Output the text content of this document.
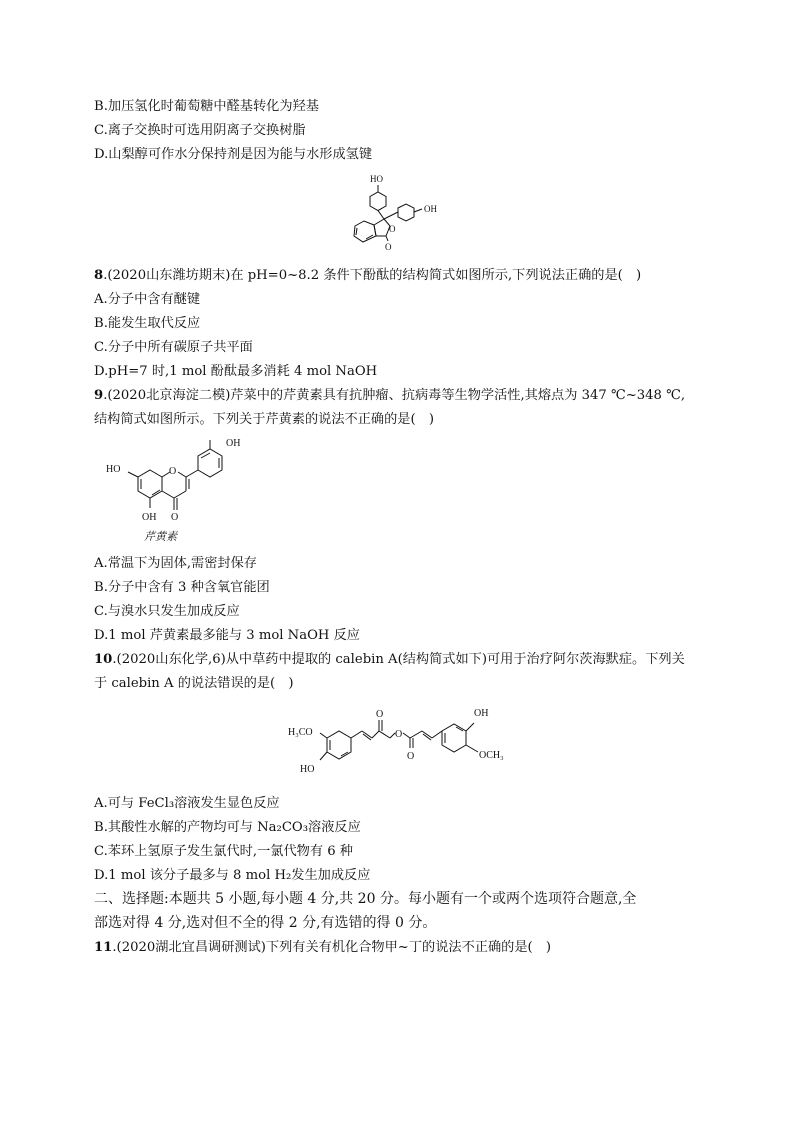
B.加压氢化时葡萄糖中醛基转化为羟基
C.离子交换时可选用阴离子交换树脂
D.山梨醇可作水分保持剂是因为能与水形成氢键
HO
OH
O
O
8.(2020山东潍坊期末)在 pH=0~8.2 条件下酚酞的结构简式如图所示,下列说法正确的是(　)
A.分子中含有醚键
B.能发生取代反应
C.分子中所有碳原子共平面
D.pH=7 时,1 mol 酚酞最多消耗 4 mol NaOH
9.(2020北京海淀二模)芹菜中的芹黄素具有抗肿瘤、抗病毒等生物学活性,其熔点为 347 ℃~348 ℃,
结构简式如图所示。下列关于芹黄素的说法不正确的是(　)
HO
OH
O
OH O
芹黄素
A.常温下为固体,需密封保存
B.分子中含有 3 种含氧官能团
C.与溴水只发生加成反应
D.1 mol 芹黄素最多能与 3 mol NaOH 反应
10.(2020山东化学,6)从中草药中提取的 calebin A(结构简式如下)可用于治疗阿尔茨海默症。下列关
于 calebin A 的说法错误的是(　)
H₃CO
HO
O
O
O
OH
OCH₃
A.可与 FeCl₃溶液发生显色反应
B.其酸性水解的产物均可与 Na₂CO₃溶液反应
C.苯环上氢原子发生氯代时,一氯代物有 6 种
D.1 mol 该分子最多与 8 mol H₂发生加成反应
二、选择题:本题共 5 小题,每小题 4 分,共 20 分。每小题有一个或两个选项符合题意,全
部选对得 4 分,选对但不全的得 2 分,有选错的得 0 分。
11.(2020湖北宜昌调研测试)下列有关有机化合物甲~丁的说法不正确的是(　)
